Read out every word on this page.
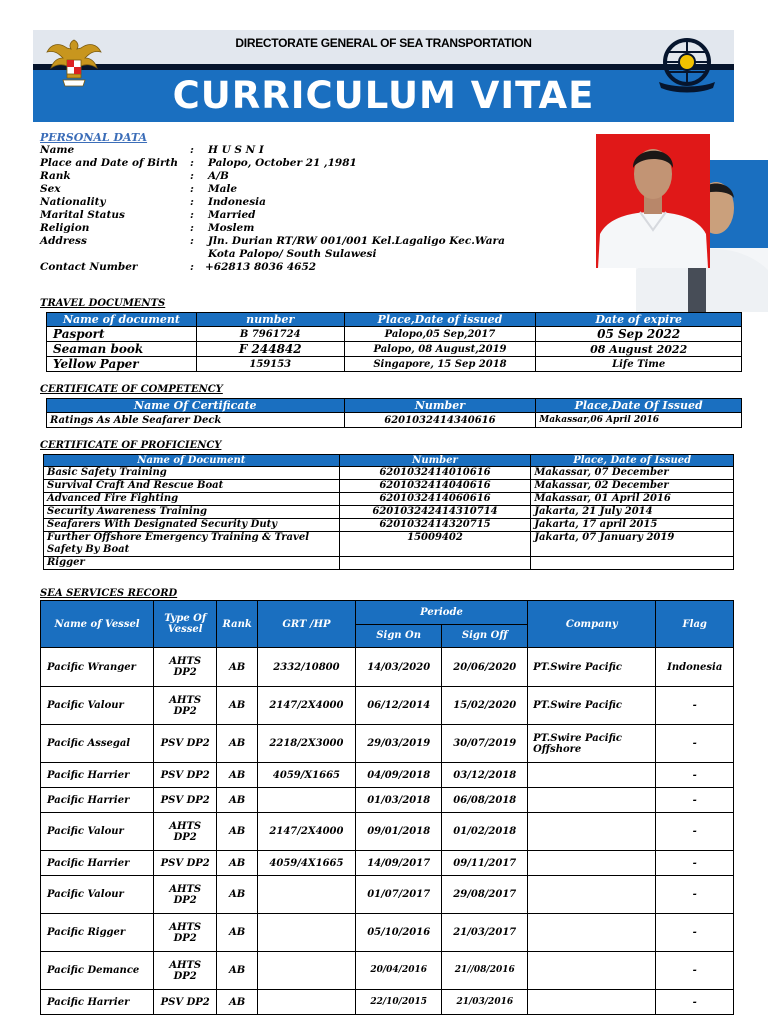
DIRECTORATE GENERAL OF SEA TRANSPORTATION
CURRICULUM VITAE
PERSONAL DATA
Name	: H U S N I
Place and Date of Birth	: Palopo, October 21 ,1981
Rank	: A/B
Sex	: Male
Nationality	: Indonesia
Marital Status	: Married
Religion	: Moslem
Address	: Jln. Durian RT/RW 001/001 Kel.Lagaligo Kec.Wara
Kota Palopo/ South Sulawesi
Contact Number	: +62813 8036 4652
TRAVEL DOCUMENTS
Name of document	number	Place,Date of issued	Date of expire
Pasport	B 7961724	Palopo,05 Sep,2017	05 Sep 2022
Seaman book	F 244842	Palopo, 08 August,2019	08 August 2022
Yellow Paper	159153	Singapore, 15 Sep 2018	Life Time
CERTIFICATE OF COMPETENCY
Name Of Certificate	Number	Place,Date Of Issued
Ratings As Able Seafarer Deck	6201032414340616	Makassar,06 April 2016
CERTIFICATE OF PROFICIENCY
Name of Document	Number	Place, Date of Issued
Basic Safety Training	6201032414010616	Makassar, 07 December
Survival Craft And Rescue Boat	6201032414040616	Makassar, 02 December
Advanced Fire Fighting	6201032414060616	Makassar, 01 April 2016
Security Awareness Training	620103242414310714	Jakarta, 21 July 2014
Seafarers With Designated Security Duty	6201032414320715	Jakarta, 17 april 2015
Further Offshore Emergency Training & Travel Safety By Boat	15009402	Jakarta, 07 January 2019
Rigger		
SEA SERVICES RECORD
Name of Vessel	Type Of Vessel	Rank	GRT /HP	Periode		Company	Flag
				Sign On	Sign Off		
Pacific Wranger	AHTS DP2	AB	2332/10800	14/03/2020	20/06/2020	PT.Swire Pacific	Indonesia
Pacific Valour	AHTS DP2	AB	2147/2X4000	06/12/2014	15/02/2020	PT.Swire Pacific	-
Pacific Assegal	PSV DP2	AB	2218/2X3000	29/03/2019	30/07/2019	PT.Swire Pacific Offshore	-
Pacific Harrier	PSV DP2	AB	4059/X1665	04/09/2018	03/12/2018		-
Pacific Harrier	PSV DP2	AB		01/03/2018	06/08/2018		-
Pacific Valour	AHTS DP2	AB	2147/2X4000	09/01/2018	01/02/2018		-
Pacific Harrier	PSV DP2	AB	4059/4X1665	14/09/2017	09/11/2017		-
Pacific Valour	AHTS DP2	AB		01/07/2017	29/08/2017		-
Pacific Rigger	AHTS DP2	AB		05/10/2016	21/03/2017		-
Pacific Demance	AHTS DP2	AB		20/04/2016	21//08/2016		-
Pacific Harrier	PSV DP2	AB		22/10/2015	21/03/2016		-
